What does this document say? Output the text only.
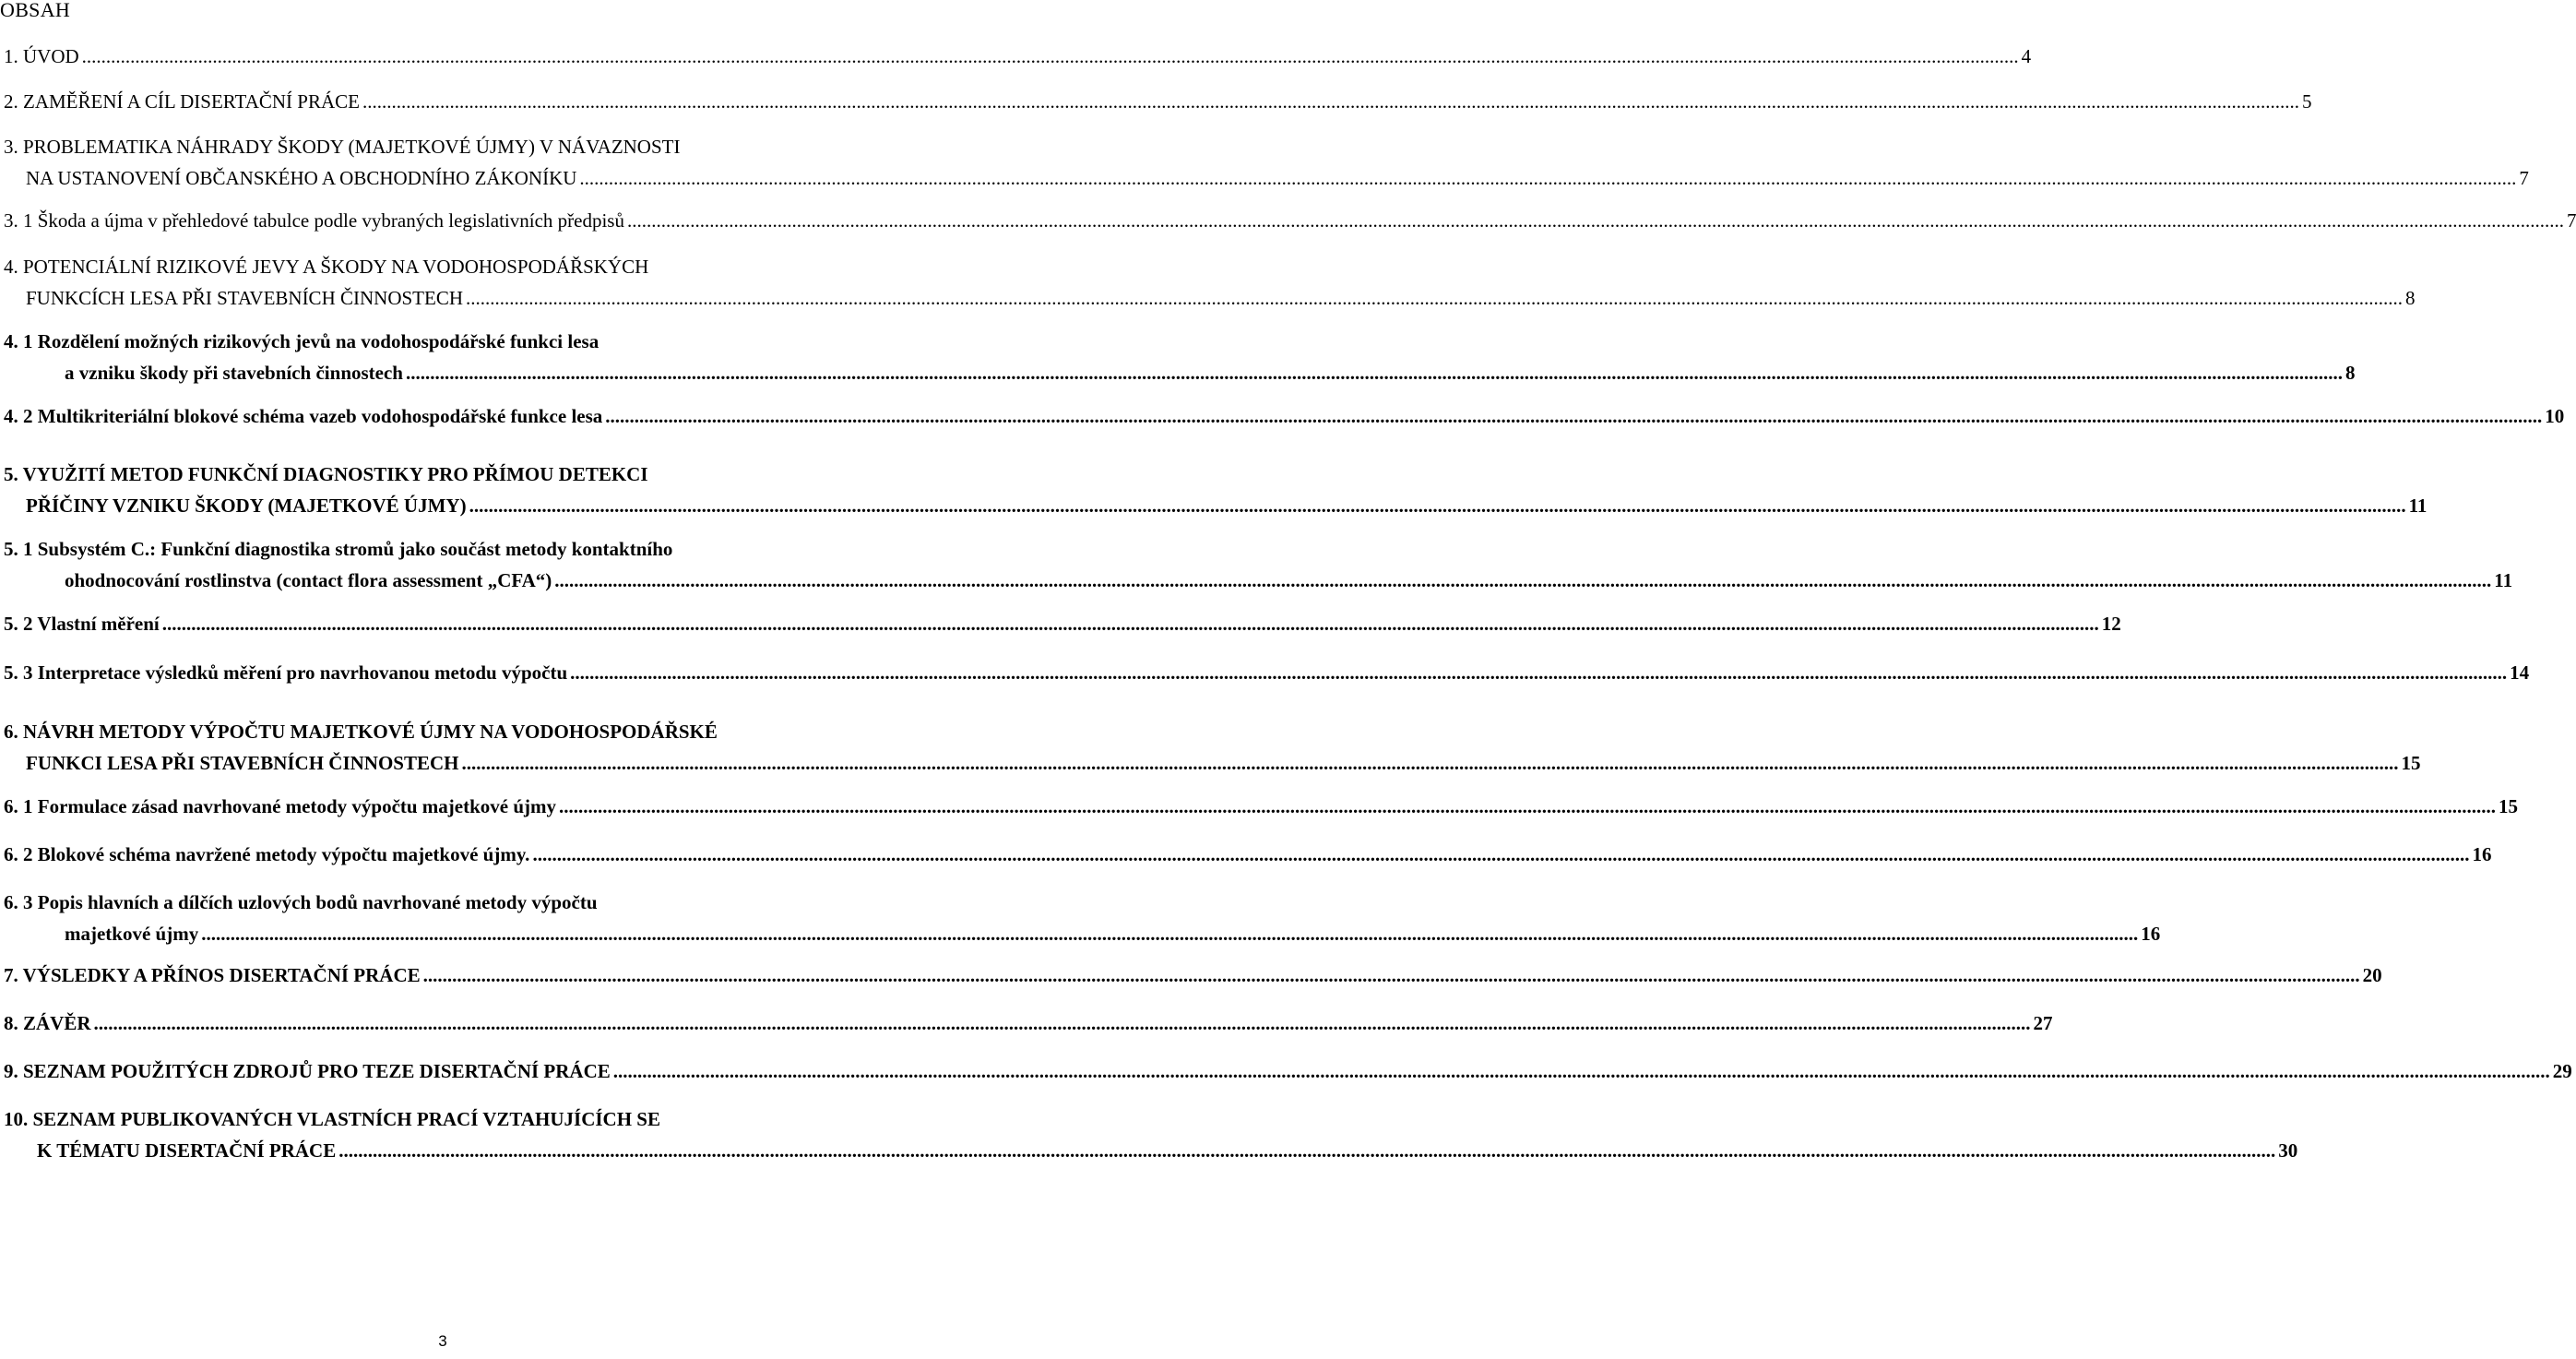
OBSAH
1. ÚVOD ................................................................................................................................................................................................................................................................................................................................................................................................................ 4
2. ZAMĚŘENÍ A CÍL DISERTAČNÍ PRÁCE ................................................................................................................................................................................................................................................................................................................................................................................................................ 5
3. PROBLEMATIKA NÁHRADY ŠKODY (MAJETKOVÉ ÚJMY) V NÁVAZNOSTI
NA USTANOVENÍ OBČANSKÉHO A OBCHODNÍHO ZÁKONÍKU ................................................................................................................................................................................................................................................................................................................................................................................................................ 7
3. 1 Škoda a újma v přehledové tabulce podle vybraných legislativních předpisů ................................................................................................................................................................................................................................................................................................................................................................................................................ 7
4. POTENCIÁLNÍ RIZIKOVÉ JEVY A ŠKODY NA VODOHOSPODÁŘSKÝCH
FUNKCÍCH LESA PŘI STAVEBNÍCH ČINNOSTECH ................................................................................................................................................................................................................................................................................................................................................................................................................ 8
4. 1 Rozdělení možných rizikových jevů na vodohospodářské funkci lesa
a vzniku škody při stavebních činnostech ................................................................................................................................................................................................................................................................................................................................................................................................................ 8
4. 2 Multikriteriální blokové schéma vazeb vodohospodářské funkce lesa ................................................................................................................................................................................................................................................................................................................................................................................................................ 10
5. VYUŽITÍ METOD FUNKČNÍ DIAGNOSTIKY PRO PŘÍMOU DETEKCI
PŘÍČINY VZNIKU ŠKODY (MAJETKOVÉ ÚJMY) ................................................................................................................................................................................................................................................................................................................................................................................................................ 11
5. 1 Subsystém C.: Funkční diagnostika stromů jako součást metody kontaktního
ohodnocování rostlinstva (contact flora assessment „CFA“) ................................................................................................................................................................................................................................................................................................................................................................................................................ 11
5. 2 Vlastní měření ................................................................................................................................................................................................................................................................................................................................................................................................................ 12
5. 3 Interpretace výsledků měření pro navrhovanou metodu výpočtu ................................................................................................................................................................................................................................................................................................................................................................................................................ 14
6. NÁVRH METODY VÝPOČTU MAJETKOVÉ ÚJMY NA VODOHOSPODÁŘSKÉ
FUNKCI LESA PŘI STAVEBNÍCH ČINNOSTECH ................................................................................................................................................................................................................................................................................................................................................................................................................ 15
6. 1 Formulace zásad navrhované metody výpočtu majetkové újmy ................................................................................................................................................................................................................................................................................................................................................................................................................ 15
6. 2 Blokové schéma navržené metody výpočtu majetkové újmy. ................................................................................................................................................................................................................................................................................................................................................................................................................ 16
6. 3 Popis hlavních a dílčích uzlových bodů navrhované metody výpočtu
majetkové újmy ................................................................................................................................................................................................................................................................................................................................................................................................................ 16
7. VÝSLEDKY A PŘÍNOS DISERTAČNÍ PRÁCE ................................................................................................................................................................................................................................................................................................................................................................................................................ 20
8. ZÁVĚR ................................................................................................................................................................................................................................................................................................................................................................................................................ 27
9. SEZNAM POUŽITÝCH ZDROJŮ PRO TEZE DISERTAČNÍ PRÁCE ................................................................................................................................................................................................................................................................................................................................................................................................................ 29
10. SEZNAM PUBLIKOVANÝCH VLASTNÍCH PRACÍ VZTAHUJÍCÍCH SE
K TÉMATU DISERTAČNÍ PRÁCE ................................................................................................................................................................................................................................................................................................................................................................................................................ 30
3
